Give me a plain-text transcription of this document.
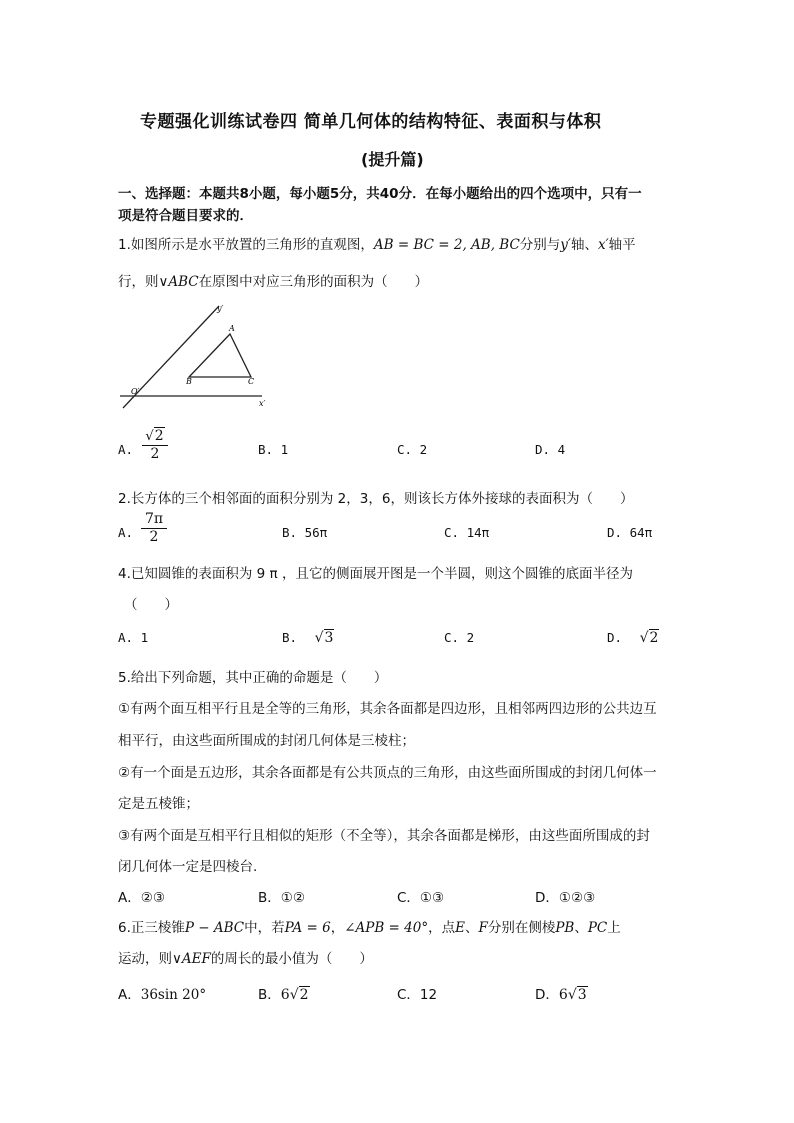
专题强化训练试卷四 简单几何体的结构特征、表面积与体积
(提升篇)
一、选择题：本题共8小题，每小题5分，共40分．在每小题给出的四个选项中，只有一
项是符合题目要求的．
1.如图所示是水平放置的三角形的直观图，AB = BC = 2, AB, BC分别与y′轴、x′轴平
行，则∨ABC在原图中对应三角形的面积为（　　）
y′
x′
O′
A
B	C
A. $\frac{√2}{2}$	B. 1	C. 2	D. 4
2.长方体的三个相邻面的面积分别为 2，3，6，则该长方体外接球的表面积为（　　）
A. $\frac{7\pi}{2}$	B. 56π	C. 14π	D. 64π
4.已知圆锥的表面积为 9 π ，且它的侧面展开图是一个半圆，则这个圆锥的底面半径为
（　　）
A. 1	B. √3	C. 2	D. √2
5.给出下列命题，其中正确的命题是（　　）
①有两个面互相平行且是全等的三角形，其余各面都是四边形，且相邻两四边形的公共边互
相平行，由这些面所围成的封闭几何体是三棱柱；
②有一个面是五边形，其余各面都是有公共顶点的三角形，由这些面所围成的封闭几何体一
定是五棱锥；
③有两个面是互相平行且相似的矩形（不全等），其余各面都是梯形，由这些面所围成的封
闭几何体一定是四棱台.
A．②③	B．①②	C．①③	D．①②③
6.正三棱锥P − ABC中，若PA = 6，∠APB = 40°，点E、F分别在侧棱PB、PC上
运动，则∨AEF的周长的最小值为（　　）
A．36sin 20°	B．6√2	C．12	D．6√3
